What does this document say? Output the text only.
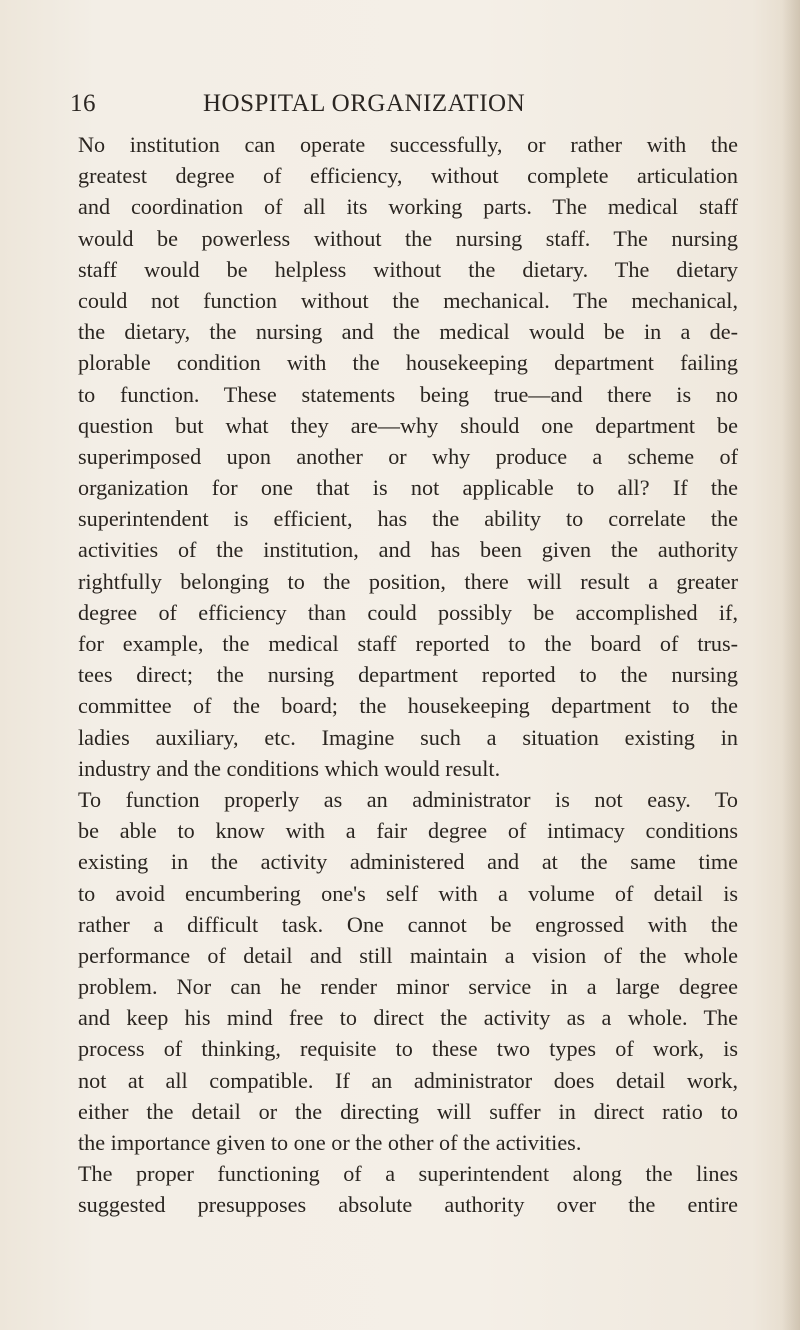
16	HOSPITAL ORGANIZATION
No institution can operate successfully, or rather with the
greatest degree of efficiency, without complete articulation
and coordination of all its working parts. The medical staff
would be powerless without the nursing staff. The nursing
staff would be helpless without the dietary. The dietary
could not function without the mechanical. The mechanical,
the dietary, the nursing and the medical would be in a de-
plorable condition with the housekeeping department failing
to function. These statements being true—and there is no
question but what they are—why should one department be
superimposed upon another or why produce a scheme of
organization for one that is not applicable to all? If the
superintendent is efficient, has the ability to correlate the
activities of the institution, and has been given the authority
rightfully belonging to the position, there will result a greater
degree of efficiency than could possibly be accomplished if,
for example, the medical staff reported to the board of trus-
tees direct; the nursing department reported to the nursing
committee of the board; the housekeeping department to the
ladies auxiliary, etc. Imagine such a situation existing in
industry and the conditions which would result.
To function properly as an administrator is not easy. To
be able to know with a fair degree of intimacy conditions
existing in the activity administered and at the same time
to avoid encumbering one's self with a volume of detail is
rather a difficult task. One cannot be engrossed with the
performance of detail and still maintain a vision of the whole
problem. Nor can he render minor service in a large degree
and keep his mind free to direct the activity as a whole. The
process of thinking, requisite to these two types of work, is
not at all compatible. If an administrator does detail work,
either the detail or the directing will suffer in direct ratio to
the importance given to one or the other of the activities.
The proper functioning of a superintendent along the lines
suggested presupposes absolute authority over the entire
